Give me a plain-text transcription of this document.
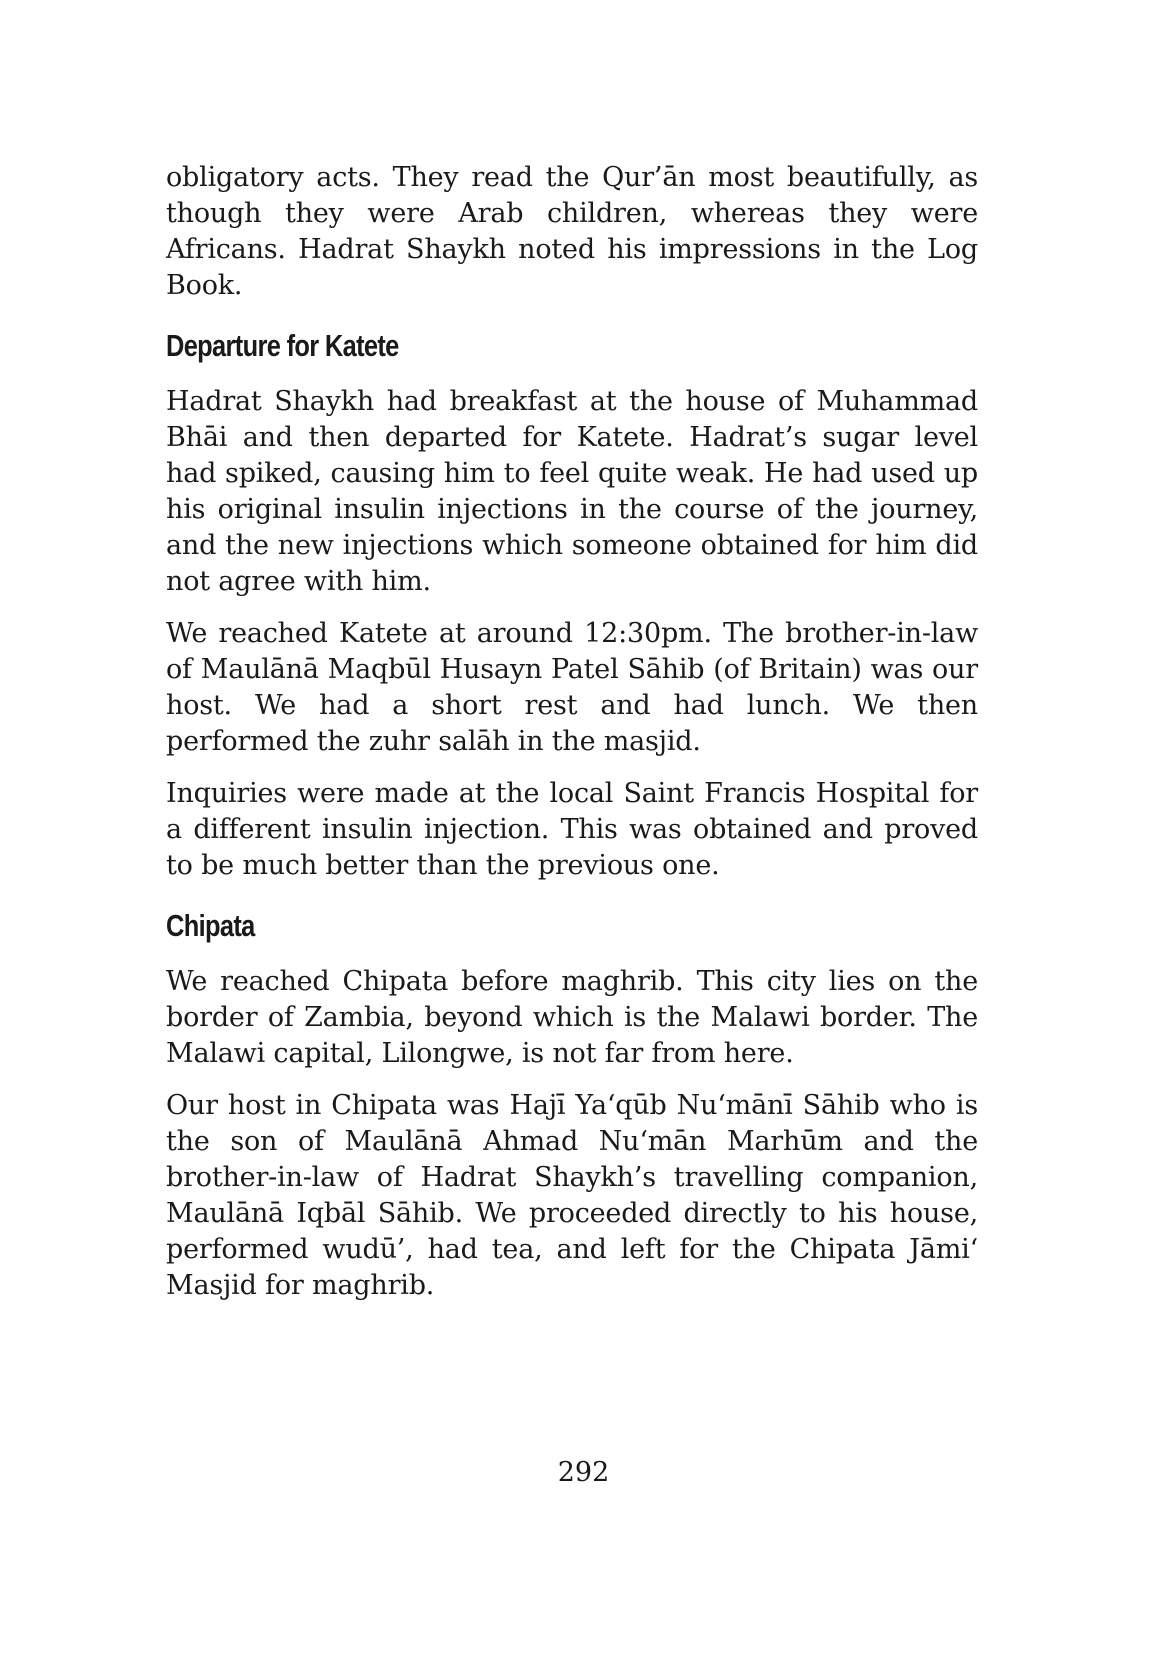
obligatory acts. They read the Qur’ān most beautifully, as though they were Arab children, whereas they were Africans. Hadrat Shaykh noted his impressions in the Log Book.

Departure for Katete

Hadrat Shaykh had breakfast at the house of Muhammad Bhāi and then departed for Katete. Hadrat’s sugar level had spiked, causing him to feel quite weak. He had used up his original insulin injections in the course of the journey, and the new injections which someone obtained for him did not agree with him.

We reached Katete at around 12:30pm. The brother-in-law of Maulānā Maqbūl Husayn Patel Sāhib (of Britain) was our host. We had a short rest and had lunch. We then performed the zuhr salāh in the masjid.

Inquiries were made at the local Saint Francis Hospital for a different insulin injection. This was obtained and proved to be much better than the previous one.

Chipata

We reached Chipata before maghrib. This city lies on the border of Zambia, beyond which is the Malawi border. The Malawi capital, Lilongwe, is not far from here.

Our host in Chipata was Hajī Ya‘qūb Nu‘mānī Sāhib who is the son of Maulānā Ahmad Nu‘mān Marhūm and the brother-in-law of Hadrat Shaykh’s travelling companion, Maulānā Iqbāl Sāhib. We proceeded directly to his house, performed wudū’, had tea, and left for the Chipata Jāmi‘ Masjid for maghrib.

292
